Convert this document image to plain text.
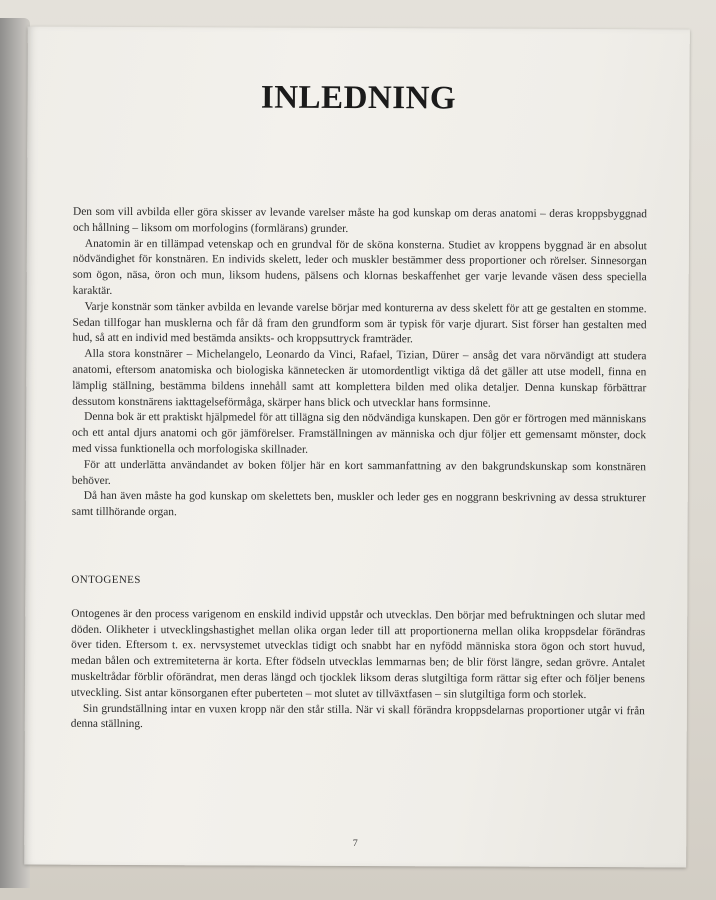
INLEDNING

Den som vill avbilda eller göra skisser av levande varelser måste ha god kunskap om deras anatomi – deras kroppsbyggnad och hållning – liksom om morfologins (formlärans) grunder.

Anatomin är en tillämpad vetenskap och en grundval för de sköna konsterna. Studiet av kroppens byggnad är en absolut nödvändighet för konstnären. En individs skelett, leder och muskler bestämmer dess proportioner och rörelser. Sinnesorgan som ögon, näsa, öron och mun, liksom hudens, pälsens och klornas beskaffenhet ger varje levande väsen dess speciella karaktär.

Varje konstnär som tänker avbilda en levande varelse börjar med konturerna av dess skelett för att ge gestalten en stomme. Sedan tillfogar han musklerna och får då fram den grundform som är typisk för varje djurart. Sist förser han gestalten med hud, så att en individ med bestämda ansikts- och kroppsuttryck framträder.

Alla stora konstnärer – Michelangelo, Leonardo da Vinci, Rafael, Tizian, Dürer – ansåg det vara nörvändigt att studera anatomi, eftersom anatomiska och biologiska kännetecken är utomordentligt viktiga då det gäller att utse modell, finna en lämplig ställning, bestämma bildens innehåll samt att komplettera bilden med olika detaljer. Denna kunskap förbättrar dessutom konstnärens iakttagelseförmåga, skärper hans blick och utvecklar hans formsinne.

Denna bok är ett praktiskt hjälpmedel för att tillägna sig den nödvändiga kunskapen. Den gör er förtrogen med människans och ett antal djurs anatomi och gör jämförelser. Framställningen av människa och djur följer ett gemensamt mönster, dock med vissa funktionella och morfologiska skillnader.

För att underlätta användandet av boken följer här en kort sammanfattning av den bakgrundskunskap som konstnären behöver.

Då han även måste ha god kunskap om skelettets ben, muskler och leder ges en noggrann beskrivning av dessa strukturer samt tillhörande organ.

ONTOGENES

Ontogenes är den process varigenom en enskild individ uppstår och utvecklas. Den börjar med befruktningen och slutar med döden. Olikheter i utvecklingshastighet mellan olika organ leder till att proportionerna mellan olika kroppsdelar förändras över tiden. Eftersom t. ex. nervsystemet utvecklas tidigt och snabbt har en nyfödd människa stora ögon och stort huvud, medan bålen och extremiteterna är korta. Efter födseln utvecklas lemmarnas ben; de blir först längre, sedan grövre. Antalet muskeltrådar förblir oförändrat, men deras längd och tjocklek liksom deras slutgiltiga form rättar sig efter och följer benens utveckling. Sist antar könsorganen efter puberteten – mot slutet av tillväxtfasen – sin slutgiltiga form och storlek.

Sin grundställning intar en vuxen kropp när den står stilla. När vi skall förändra kroppsdelarnas proportioner utgår vi från denna ställning.

7
